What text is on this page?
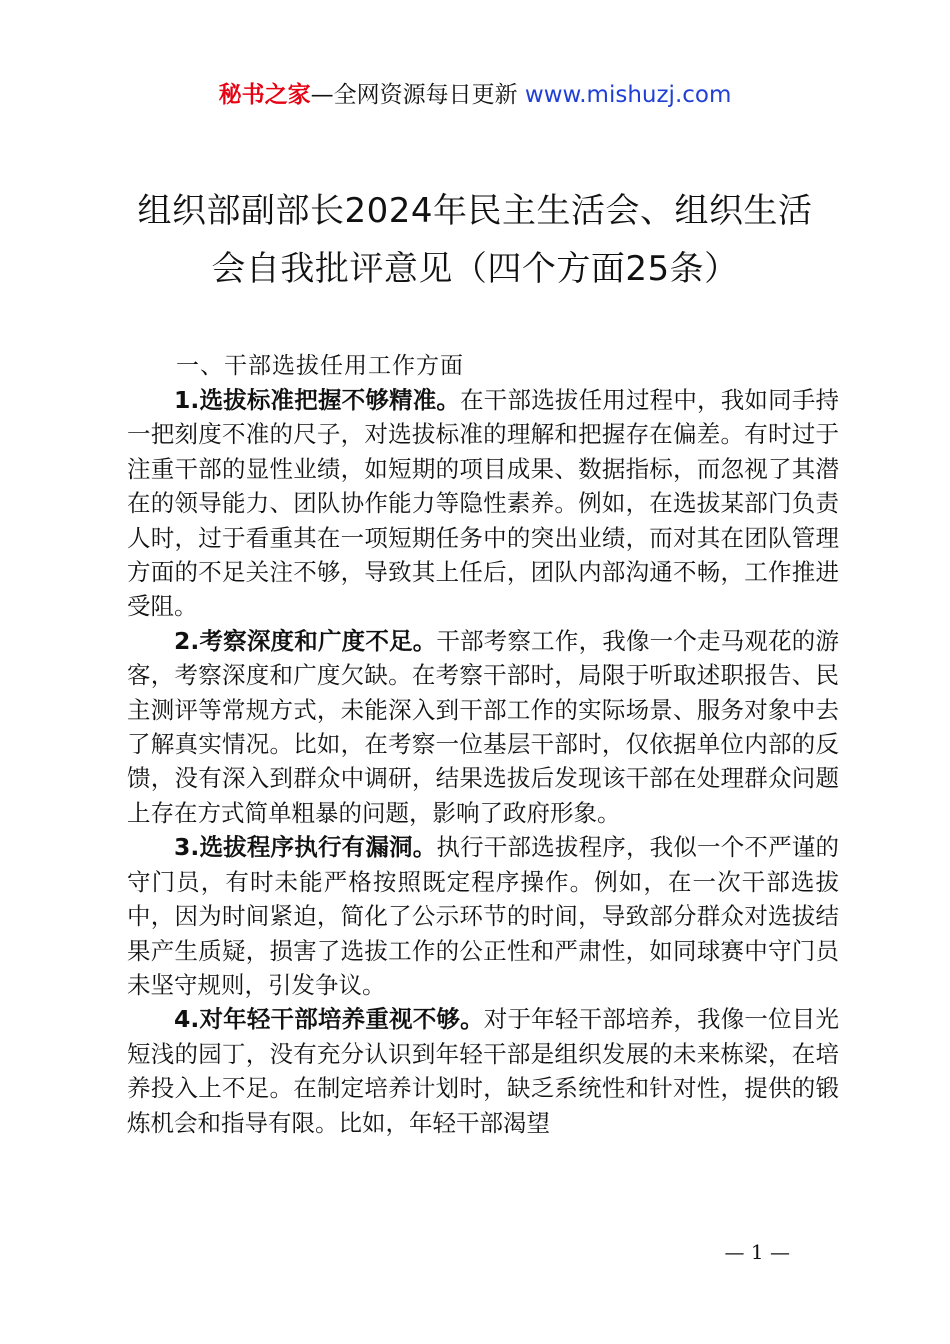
秘书之家—全网资源每日更新 www.mishuzj.com
组织部副部长2024年民主生活会、组织生活
会自我批评意见（四个方面25条）
一、干部选拔任用工作方面

1.选拔标准把握不够精准。在干部选拔任用过程中，我如同手持一把刻度不准的尺子，对选拔标准的理解和把握存在偏差。有时过于注重干部的显性业绩，如短期的项目成果、数据指标，而忽视了其潜在的领导能力、团队协作能力等隐性素养。例如，在选拔某部门负责人时，过于看重其在一项短期任务中的突出业绩，而对其在团队管理方面的不足关注不够，导致其上任后，团队内部沟通不畅，工作推进受阻。

2.考察深度和广度不足。干部考察工作，我像一个走马观花的游客，考察深度和广度欠缺。在考察干部时，局限于听取述职报告、民主测评等常规方式，未能深入到干部工作的实际场景、服务对象中去了解真实情况。比如，在考察一位基层干部时，仅依据单位内部的反馈，没有深入到群众中调研，结果选拔后发现该干部在处理群众问题上存在方式简单粗暴的问题，影响了政府形象。

3.选拔程序执行有漏洞。执行干部选拔程序，我似一个不严谨的守门员，有时未能严格按照既定程序操作。例如，在一次干部选拔中，因为时间紧迫，简化了公示环节的时间，导致部分群众对选拔结果产生质疑，损害了选拔工作的公正性和严肃性，如同球赛中守门员未坚守规则，引发争议。

4.对年轻干部培养重视不够。对于年轻干部培养，我像一位目光短浅的园丁，没有充分认识到年轻干部是组织发展的未来栋梁，在培养投入上不足。在制定培养计划时，缺乏系统性和针对性，提供的锻炼机会和指导有限。比如，年轻干部渴望

— 1 —
